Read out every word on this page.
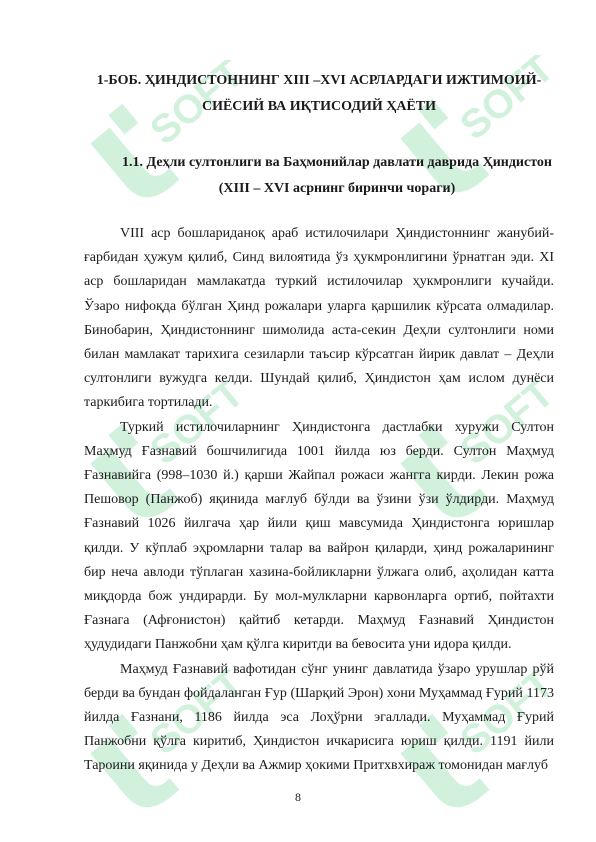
SOFT	SOFT
SOFT	SOFT
SOFT	SOFT
1-БОБ. ҲИНДИСТОННИНГ XIII –XVI АСРЛАРДАГИ ИЖТИМОИЙ-СИЁСИЙ ВА ИҚТИСОДИЙ ҲАЁТИ
1.1. Деҳли султонлиги ва Баҳмонийлар давлати даврида Ҳиндистон (XIII – XVI асрнинг биринчи чораги)

VIII аср бошлариданоқ араб истилочилари Ҳиндистоннинг жанубий-ғарбидан ҳужум қилиб, Синд вилоятида ўз ҳукмронлигини ўрнатган эди. XI аср бошларидан мамлакатда туркий истилочилар ҳукмронлиги кучайди. Ўзаро нифоқда бўлган Ҳинд рожалари уларга қаршилик кўрсата олмадилар. Бинобарин, Ҳиндистоннинг шимолида аста-секин Деҳли султонлиги номи билан мамлакат тарихига сезиларли таъсир кўрсатган йирик давлат – Деҳли султонлиги вужудга келди. Шундай қилиб, Ҳиндистон ҳам ислом дунёси таркибига тортилади.

Туркий истилочиларнинг Ҳиндистонга дастлабки хуружи Султон Маҳмуд Ғазнавий бошчилигида 1001 йилда юз берди. Султон Маҳмуд Ғазнавийга (998–1030 й.) қарши Жайпал рожаси жангга кирди. Лекин рожа Пешовор (Панжоб) яқинида мағлуб бўлди ва ўзини ўзи ўлдирди. Маҳмуд Ғазнавий 1026 йилгача ҳар йили қиш мавсумида Ҳиндистонга юришлар қилди. У кўплаб эҳромларни талар ва вайрон қиларди, ҳинд рожаларининг бир неча авлоди тўплаган хазина-бойликларни ўлжага олиб, аҳолидан катта миқдорда бож ундирарди. Бу мол-мулкларни карвонларга ортиб, пойтахти Ғазнага (Афғонистон) қайтиб кетарди. Маҳмуд Ғазнавий Ҳиндистон ҳудудидаги Панжобни ҳам қўлга киритди ва бевосита уни идора қилди.

Маҳмуд Ғазнавий вафотидан сўнг унинг давлатида ўзаро урушлар рўй берди ва бундан фойдаланган Ғур (Шарқий Эрон) хони Муҳаммад Ғурий 1173 йилда Ғазнани, 1186 йилда эса Лоҳўрни эгаллади. Муҳаммад Ғурий Панжобни қўлга киритиб, Ҳиндистон ичкарисига юриш қилди. 1191 йили Тароини яқинида у Деҳли ва Ажмир ҳокими Притхвхираж томонидан мағлуб

8
